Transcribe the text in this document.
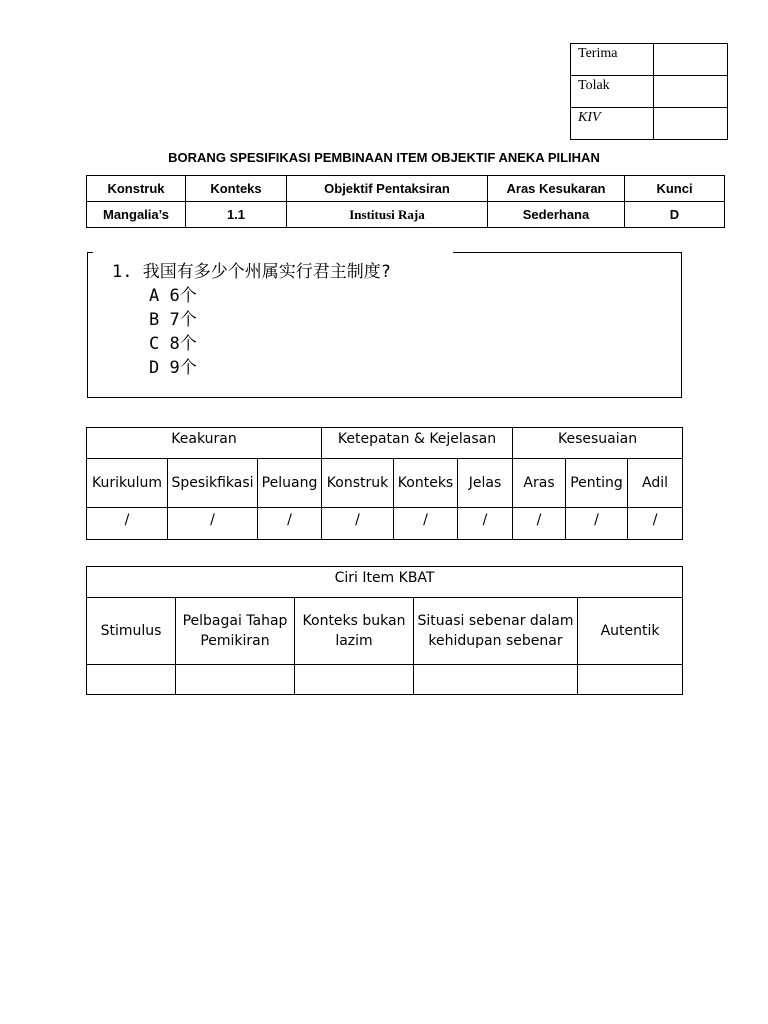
Terima	
Tolak	
KIV	
BORANG SPESIFIKASI PEMBINAAN ITEM OBJEKTIF ANEKA PILIHAN
Konstruk	Konteks	Objektif Pentaksiran	Aras Kesukaran	Kunci
Mangalia’s	1.1	Institusi Raja	Sederhana	D
1. 我国有多少个州属实行君主制度?
A 6个
B 7个
C 8个
D 9个
Keakuran			Ketepatan & Kejelasan			Kesesuaian		
Kurikulum	Spesikfikasi	Peluang	Konstruk	Konteks	Jelas	Aras	Penting	Adil
/	/	/	/	/	/	/	/	/
Ciri Item KBAT				
Stimulus	Pelbagai Tahap Pemikiran	Konteks bukan lazim	Situasi sebenar dalam kehidupan sebenar	Autentik
